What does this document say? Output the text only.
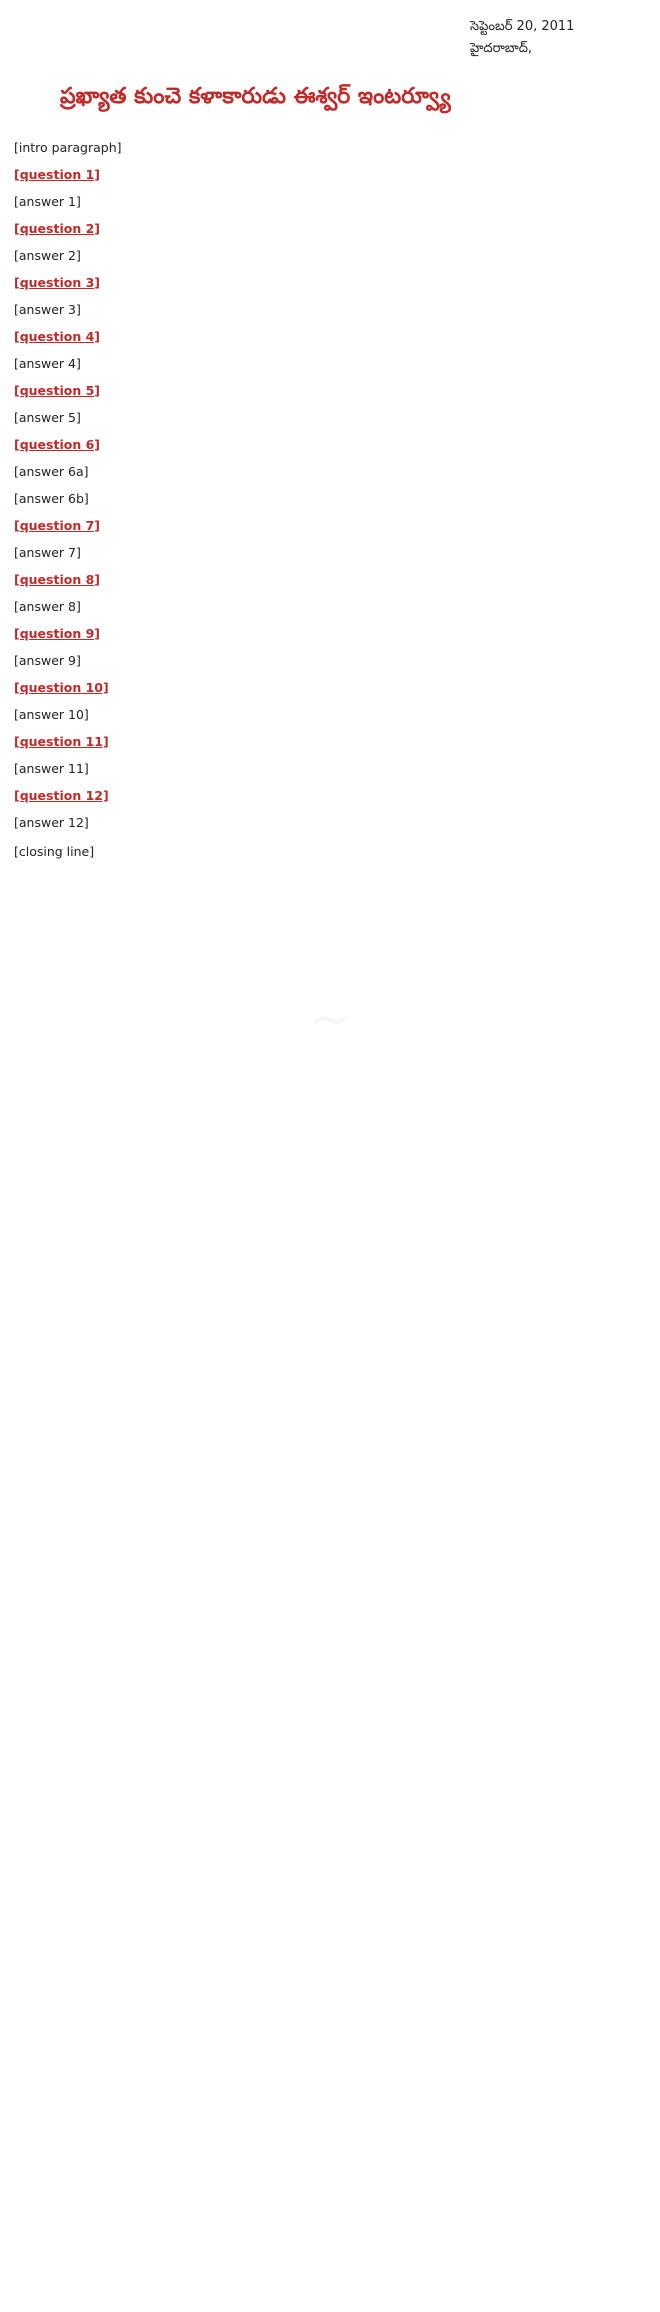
సెప్టెంబర్ 20, 2011
హైదరాబాద్,
ప్రఖ్యాత కుంచె కళాకారుడు ఈశ్వర్ ఇంటర్వ్యూ
~

[intro paragraph]

[question 1]

[answer 1]

[question 2]

[answer 2]

[question 3]

[answer 3]

[question 4]

[answer 4]

[question 5]

[answer 5]

[question 6]

[answer 6a]

[answer 6b]

[question 7]

[answer 7]

[question 8]

[answer 8]

[question 9]

[answer 9]

[question 10]

[answer 10]

[question 11]

[answer 11]

[question 12]

[answer 12]

[closing line]
